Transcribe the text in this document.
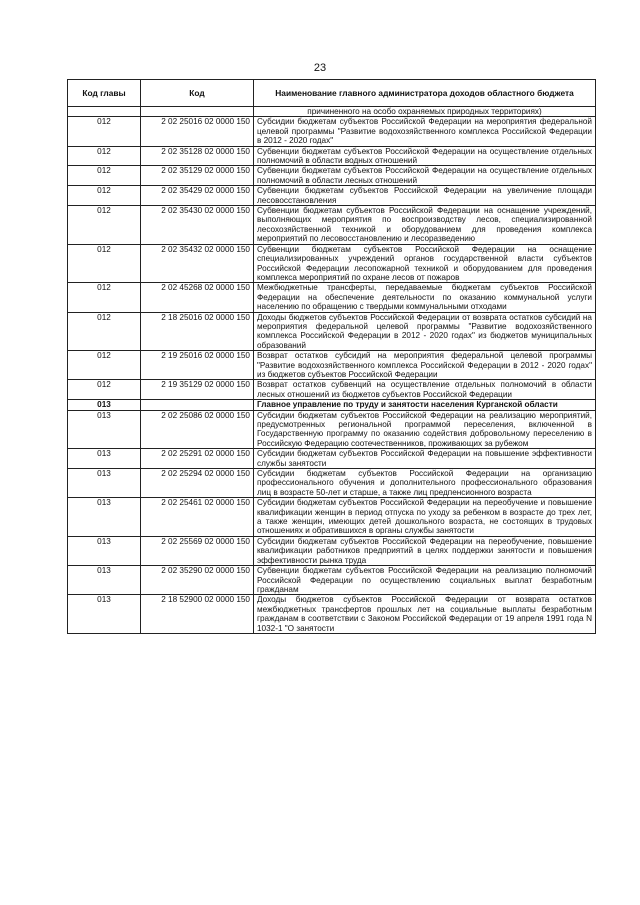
23
Код главы	Код	Наименование главного администратора доходов областного бюджета
		причиненного на особо охраняемых природных территориях)
012	2 02 25016 02 0000 150	Субсидии бюджетам субъектов Российской Федерации на мероприятия федеральной целевой программы "Развитие водохозяйственного комплекса Российской Федерации в 2012 - 2020 годах"
012	2 02 35128 02 0000 150	Субвенции бюджетам субъектов Российской Федерации на осуществление отдельных полномочий в области водных отношений
012	2 02 35129 02 0000 150	Субвенции бюджетам субъектов Российской Федерации на осуществление отдельных полномочий в области лесных отношений
012	2 02 35429 02 0000 150	Субвенции бюджетам субъектов Российской Федерации на увеличение площади лесовосстановления
012	2 02 35430 02 0000 150	Субвенции бюджетам субъектов Российской Федерации на оснащение учреждений, выполняющих мероприятия по воспроизводству лесов, специализированной лесохозяйственной техникой и оборудованием для проведения комплекса мероприятий по лесовосстановлению и лесоразведению
012	2 02 35432 02 0000 150	Субвенции бюджетам субъектов Российской Федерации на оснащение специализированных учреждений органов государственной власти субъектов Российской Федерации лесопожарной техникой и оборудованием для проведения комплекса мероприятий по охране лесов от пожаров
012	2 02 45268 02 0000 150	Межбюджетные трансферты, передаваемые бюджетам субъектов Российской Федерации на обеспечение деятельности по оказанию коммунальной услуги населению по обращению с твердыми коммунальными отходами
012	2 18 25016 02 0000 150	Доходы бюджетов субъектов Российской Федерации от возврата остатков субсидий на мероприятия федеральной целевой программы "Развитие водохозяйственного комплекса Российской Федерации в 2012 - 2020 годах" из бюджетов муниципальных образований
012	2 19 25016 02 0000 150	Возврат остатков субсидий на мероприятия федеральной целевой программы "Развитие водохозяйственного комплекса Российской Федерации в 2012 - 2020 годах" из бюджетов субъектов Российской Федерации
012	2 19 35129 02 0000 150	Возврат остатков субвенций на осуществление отдельных полномочий в области лесных отношений из бюджетов субъектов Российской Федерации
013		Главное управление по труду и занятости населения Курганской области
013	2 02 25086 02 0000 150	Субсидии бюджетам субъектов Российской Федерации на реализацию мероприятий, предусмотренных региональной программой переселения, включенной в Государственную программу по оказанию содействия добровольному переселению в Российскую Федерацию соотечественников, проживающих за рубежом
013	2 02 25291 02 0000 150	Субсидии бюджетам субъектов Российской Федерации на повышение эффективности службы занятости
013	2 02 25294 02 0000 150	Субсидии бюджетам субъектов Российской Федерации на организацию профессионального обучения и дополнительного профессионального образования лиц в возрасте 50-лет и старше, а также лиц предпенсионного возраста
013	2 02 25461 02 0000 150	Субсидии бюджетам субъектов Российской Федерации на переобучение и повышение квалификации женщин в период отпуска по уходу за ребенком в возрасте до трех лет, а также женщин, имеющих детей дошкольного возраста, не состоящих в трудовых отношениях и обратившихся в органы службы занятости
013	2 02 25569 02 0000 150	Субсидии бюджетам субъектов Российской Федерации на переобучение, повышение квалификации работников предприятий в целях поддержки занятости и повышения эффективности рынка труда
013	2 02 35290 02 0000 150	Субвенции бюджетам субъектов Российской Федерации на реализацию полномочий Российской Федерации по осуществлению социальных выплат безработным гражданам
013	2 18 52900 02 0000 150	Доходы бюджетов субъектов Российской Федерации от возврата остатков межбюджетных трансфертов прошлых лет на социальные выплаты безработным гражданам в соответствии с Законом Российской Федерации от 19 апреля 1991 года N 1032-1 "О занятости
